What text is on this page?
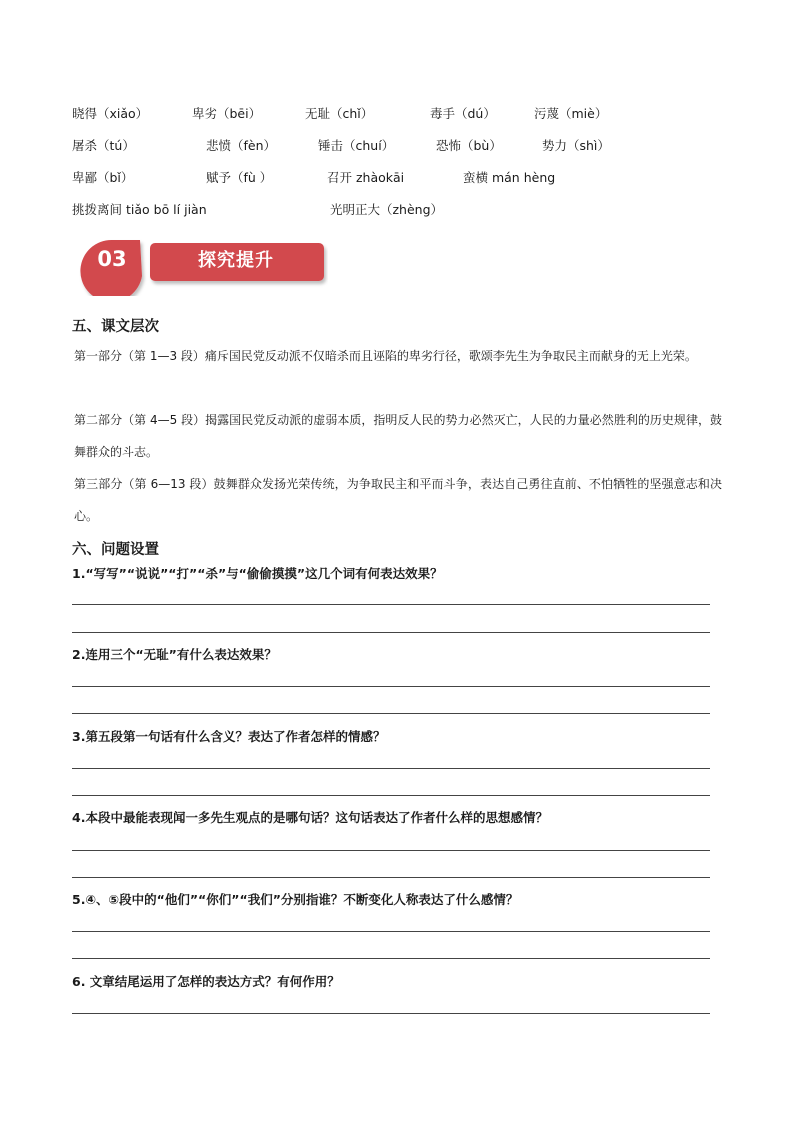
晓得（xiǎo）	卑劣（bēi）	无耻（chǐ）	毒手（dú）	污蔑（miè）
屠杀（tú）	悲愤（fèn）	锤击（chuí）	恐怖（bù）	势力（shì）
卑鄙（bǐ）	赋予（fù ）	召开 zhàokāi	蛮横 mán hèng
挑拨离间 tiǎo bō lí jiàn	光明正大（zhèng）
03	探究提升
五、课文层次
第一部分（第 1—3 段）痛斥国民党反动派不仅暗杀而且诬陷的卑劣行径，歌颂李先生为争取民主而献身的无上光荣。
第二部分（第 4—5 段）揭露国民党反动派的虚弱本质，指明反人民的势力必然灭亡，人民的力量必然胜利的历史规律，鼓舞群众的斗志。
第三部分（第 6—13 段）鼓舞群众发扬光荣传统，为争取民主和平而斗争，表达自己勇往直前、不怕牺牲的坚强意志和决心。
六、问题设置
1.“写写”“说说”“打”“杀”与“偷偷摸摸”这几个词有何表达效果？
2.连用三个“无耻”有什么表达效果？
3.第五段第一句话有什么含义？表达了作者怎样的情感？
4.本段中最能表现闻一多先生观点的是哪句话？这句话表达了作者什么样的思想感情？
5.④、⑤段中的“他们”“你们”“我们”分别指谁？不断变化人称表达了什么感情？
6. 文章结尾运用了怎样的表达方式？有何作用？
